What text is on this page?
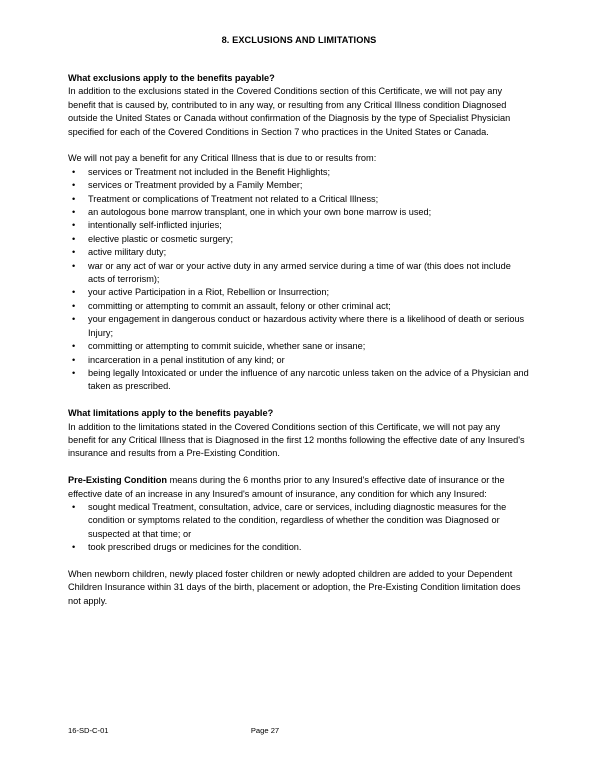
8. EXCLUSIONS AND LIMITATIONS
What exclusions apply to the benefits payable?

In addition to the exclusions stated in the Covered Conditions section of this Certificate, we will not pay any benefit that is caused by, contributed to in any way, or resulting from any Critical Illness condition Diagnosed outside the United States or Canada without confirmation of the Diagnosis by the type of Specialist Physician specified for each of the Covered Conditions in Section 7 who practices in the United States or Canada.

We will not pay a benefit for any Critical Illness that is due to or results from:

• services or Treatment not included in the Benefit Highlights;
• services or Treatment provided by a Family Member;
• Treatment or complications of Treatment not related to a Critical Illness;
• an autologous bone marrow transplant, one in which your own bone marrow is used;
• intentionally self-inflicted injuries;
• elective plastic or cosmetic surgery;
• active military duty;
• war or any act of war or your active duty in any armed service during a time of war (this does not include acts of terrorism);
• your active Participation in a Riot, Rebellion or Insurrection;
• committing or attempting to commit an assault, felony or other criminal act;
• your engagement in dangerous conduct or hazardous activity where there is a likelihood of death or serious Injury;
• committing or attempting to commit suicide, whether sane or insane;
• incarceration in a penal institution of any kind; or
• being legally Intoxicated or under the influence of any narcotic unless taken on the advice of a Physician and taken as prescribed.
What limitations apply to the benefits payable?

In addition to the limitations stated in the Covered Conditions section of this Certificate, we will not pay any benefit for any Critical Illness that is Diagnosed in the first 12 months following the effective date of any Insured's insurance and results from a Pre-Existing Condition.

Pre-Existing Condition means during the 6 months prior to any Insured's effective date of insurance or the effective date of an increase in any Insured's amount of insurance, any condition for which any Insured:

• sought medical Treatment, consultation, advice, care or services, including diagnostic measures for the condition or symptoms related to the condition, regardless of whether the condition was Diagnosed or suspected at that time; or
• took prescribed drugs or medicines for the condition.

When newborn children, newly placed foster children or newly adopted children are added to your Dependent Children Insurance within 31 days of the birth, placement or adoption, the Pre-Existing Condition limitation does not apply.

16-SD-C-01	Page 27
